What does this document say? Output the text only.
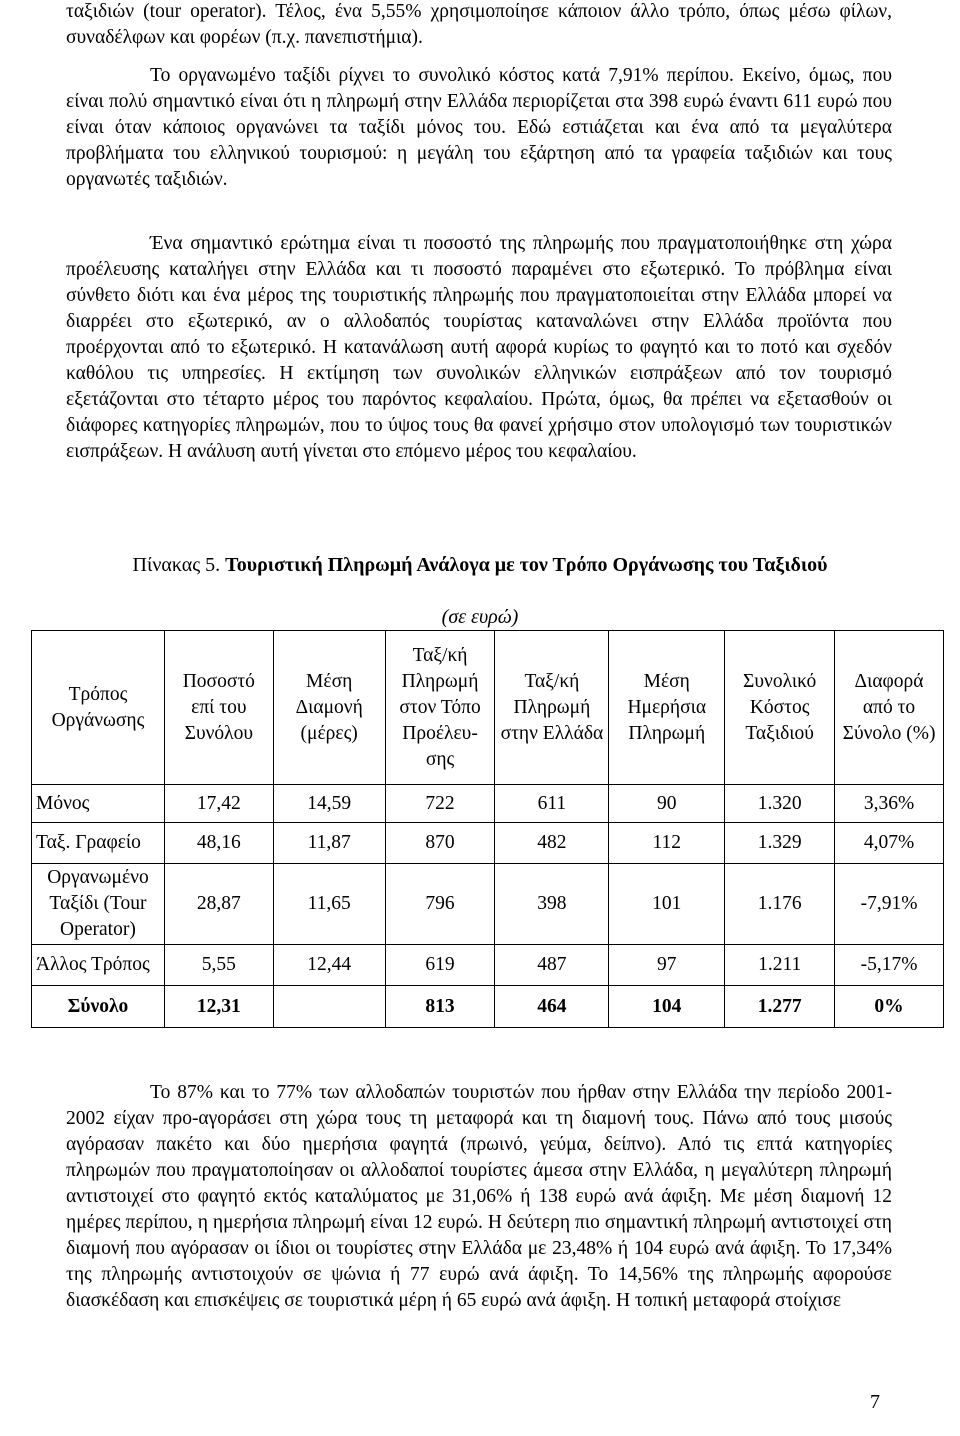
ταξιδιών (tour operator). Τέλος, ένα 5,55% χρησιμοποίησε κάποιον άλλο τρόπο, όπως μέσω φίλων, συναδέλφων και φορέων (π.χ. πανεπιστήμια).

Το οργανωμένο ταξίδι ρίχνει το συνολικό κόστος κατά 7,91% περίπου. Εκείνο, όμως, που είναι πολύ σημαντικό είναι ότι η πληρωμή στην Ελλάδα περιορίζεται στα 398 ευρώ έναντι 611 ευρώ που είναι όταν κάποιος οργανώνει τα ταξίδι μόνος του. Εδώ εστιάζεται και ένα από τα μεγαλύτερα προβλήματα του ελληνικού τουρισμού: η μεγάλη του εξάρτηση από τα γραφεία ταξιδιών και τους οργανωτές ταξιδιών.

Ένα σημαντικό ερώτημα είναι τι ποσοστό της πληρωμής που πραγματοποιήθηκε στη χώρα προέλευσης καταλήγει στην Ελλάδα και τι ποσοστό παραμένει στο εξωτερικό. Το πρόβλημα είναι σύνθετο διότι και ένα μέρος της τουριστικής πληρωμής που πραγματοποιείται στην Ελλάδα μπορεί να διαρρέει στο εξωτερικό, αν ο αλλοδαπός τουρίστας καταναλώνει στην Ελλάδα προϊόντα που προέρχονται από το εξωτερικό. Η κατανάλωση αυτή αφορά κυρίως το φαγητό και το ποτό και σχεδόν καθόλου τις υπηρεσίες. Η εκτίμηση των συνολικών ελληνικών εισπράξεων από τον τουρισμό εξετάζονται στο τέταρτο μέρος του παρόντος κεφαλαίου. Πρώτα, όμως, θα πρέπει να εξετασθούν οι διάφορες κατηγορίες πληρωμών, που το ύψος τους θα φανεί χρήσιμο στον υπολογισμό των τουριστικών εισπράξεων. Η ανάλυση αυτή γίνεται στο επόμενο μέρος του κεφαλαίου.

Πίνακας 5. Τουριστική Πληρωμή Ανάλογα με τον Τρόπο Οργάνωσης του Ταξιδιού

(σε ευρώ)

Τρόπος Οργάνωσης	Ποσοστό επί του Συνόλου	Μέση Διαμονή (μέρες)	Ταξ/κή Πληρωμή στον Τόπο Προέλευ-σης	Ταξ/κή Πληρωμή στην Ελλάδα	Μέση Ημερήσια Πληρωμή	Συνολικό Κόστος Ταξιδιού	Διαφορά από το Σύνολο (%)
Μόνος	17,42	14,59	722	611	90	1.320	3,36%
Ταξ. Γραφείο	48,16	11,87	870	482	112	1.329	4,07%
Οργανωμένο Ταξίδι (Tour Operator)	28,87	11,65	796	398	101	1.176	-7,91%
Άλλος Τρόπος	5,55	12,44	619	487	97	1.211	-5,17%
Σύνολο	12,31		813	464	104	1.277	0%

Το 87% και το 77% των αλλοδαπών τουριστών που ήρθαν στην Ελλάδα την περίοδο 2001-2002 είχαν προ-αγοράσει στη χώρα τους τη μεταφορά και τη διαμονή τους. Πάνω από τους μισούς αγόρασαν πακέτο και δύο ημερήσια φαγητά (πρωινό, γεύμα, δείπνο). Από τις επτά κατηγορίες πληρωμών που πραγματοποίησαν οι αλλοδαποί τουρίστες άμεσα στην Ελλάδα, η μεγαλύτερη πληρωμή αντιστοιχεί στο φαγητό εκτός καταλύματος με 31,06% ή 138 ευρώ ανά άφιξη. Με μέση διαμονή 12 ημέρες περίπου, η ημερήσια πληρωμή είναι 12 ευρώ. Η δεύτερη πιο σημαντική πληρωμή αντιστοιχεί στη διαμονή που αγόρασαν οι ίδιοι οι τουρίστες στην Ελλάδα με 23,48% ή 104 ευρώ ανά άφιξη. Το 17,34% της πληρωμής αντιστοιχούν σε ψώνια ή 77 ευρώ ανά άφιξη. Το 14,56% της πληρωμής αφορούσε διασκέδαση και επισκέψεις σε τουριστικά μέρη ή 65 ευρώ ανά άφιξη. Η τοπική μεταφορά στοίχισε

7
